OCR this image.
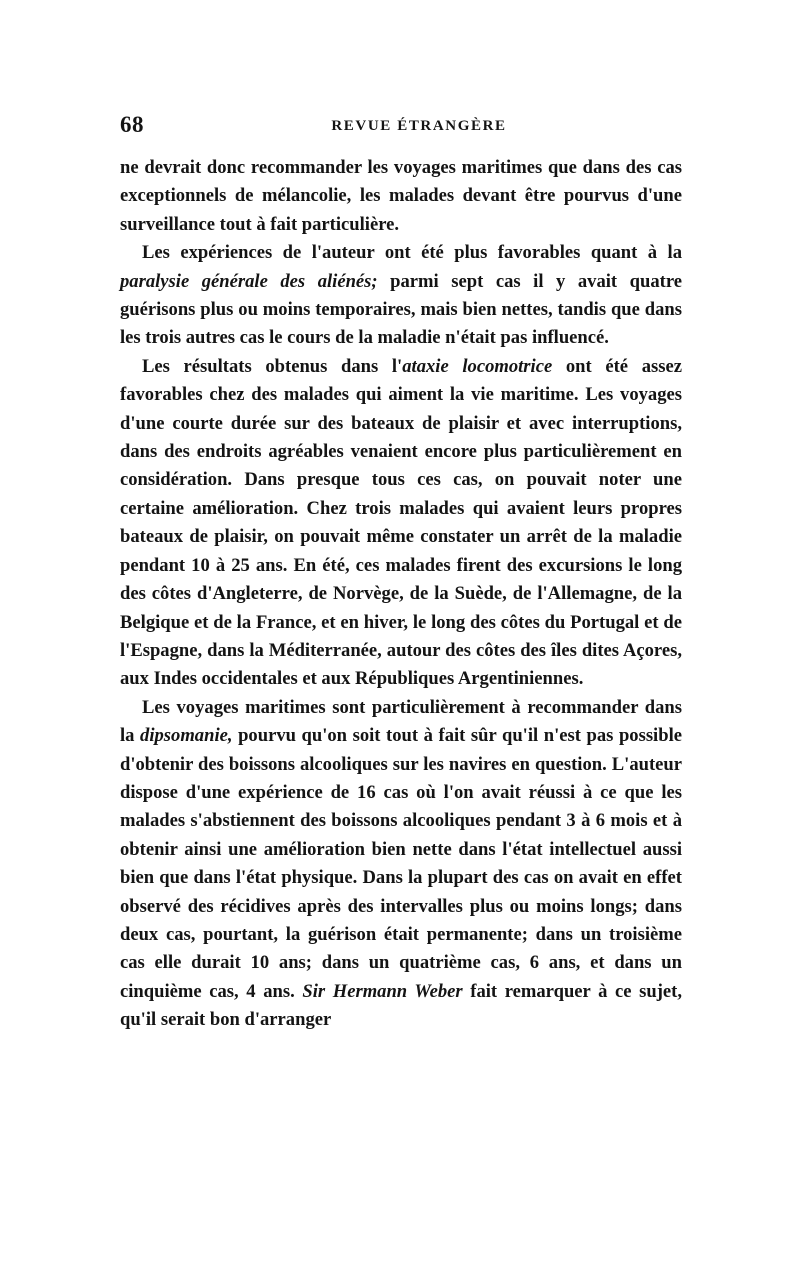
68	REVUE ÉTRANGÈRE

ne devrait donc recommander les voyages maritimes que dans des cas exceptionnels de mélancolie, les malades devant être pourvus d'une surveillance tout à fait particulière.

Les expériences de l'auteur ont été plus favorables quant à la paralysie générale des aliénés; parmi sept cas il y avait quatre guérisons plus ou moins temporaires, mais bien nettes, tandis que dans les trois autres cas le cours de la maladie n'était pas influencé.

Les résultats obtenus dans l'ataxie locomotrice ont été assez favorables chez des malades qui aiment la vie maritime. Les voyages d'une courte durée sur des bateaux de plaisir et avec interruptions, dans des endroits agréables venaient encore plus particulièrement en considération. Dans presque tous ces cas, on pouvait noter une certaine amélioration. Chez trois malades qui avaient leurs propres bateaux de plaisir, on pouvait même constater un arrêt de la maladie pendant 10 à 25 ans. En été, ces malades firent des excursions le long des côtes d'Angleterre, de Norvège, de la Suède, de l'Allemagne, de la Belgique et de la France, et en hiver, le long des côtes du Portugal et de l'Espagne, dans la Méditerranée, autour des côtes des îles dites Açores, aux Indes occidentales et aux Républiques Argentiniennes.

Les voyages maritimes sont particulièrement à recommander dans la dipsomanie, pourvu qu'on soit tout à fait sûr qu'il n'est pas possible d'obtenir des boissons alcooliques sur les navires en question. L'auteur dispose d'une expérience de 16 cas où l'on avait réussi à ce que les malades s'abstiennent des boissons alcooliques pendant 3 à 6 mois et à obtenir ainsi une amélioration bien nette dans l'état intellectuel aussi bien que dans l'état physique. Dans la plupart des cas on avait en effet observé des récidives après des intervalles plus ou moins longs; dans deux cas, pourtant, la guérison était permanente; dans un troisième cas elle durait 10 ans; dans un quatrième cas, 6 ans, et dans un cinquième cas, 4 ans. Sir Hermann Weber fait remarquer à ce sujet, qu'il serait bon d'arranger
